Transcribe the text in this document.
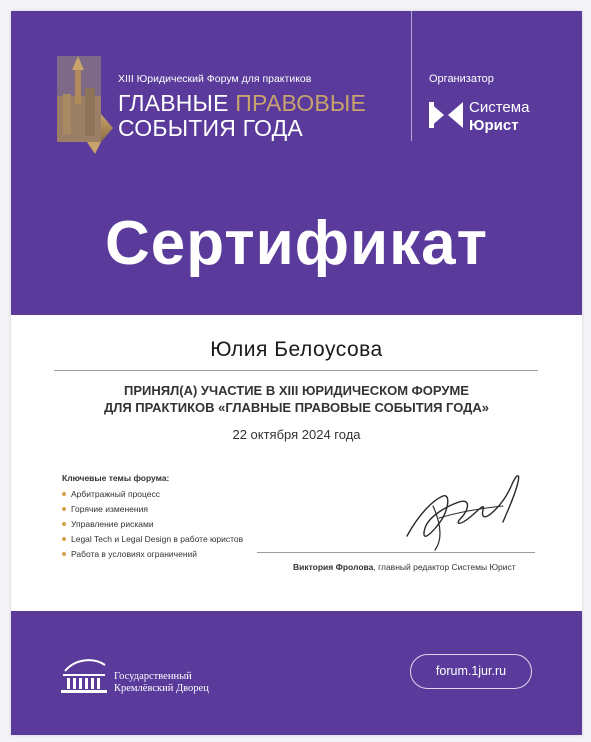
XIII Юридический Форум для практиков
ГЛАВНЫЕ ПРАВОВЫЕ
СОБЫТИЯ ГОДА
Организатор
Система
Юрист
Сертификат
Юлия Белоусова
ПРИНЯЛ(А) УЧАСТИЕ В XIII ЮРИДИЧЕСКОМ ФОРУМЕ
ДЛЯ ПРАКТИКОВ «ГЛАВНЫЕ ПРАВОВЫЕ СОБЫТИЯ ГОДА»
22 октября 2024 года
Ключевые темы форума:
Арбитражный процесс
Горячие изменения
Управление рисками
Legal Tech и Legal Design в работе юристов
Работа в условиях ограничений
Виктория Фролова, главный редактор Системы Юрист
Государственный
Кремлёвский Дворец
forum.1jur.ru
